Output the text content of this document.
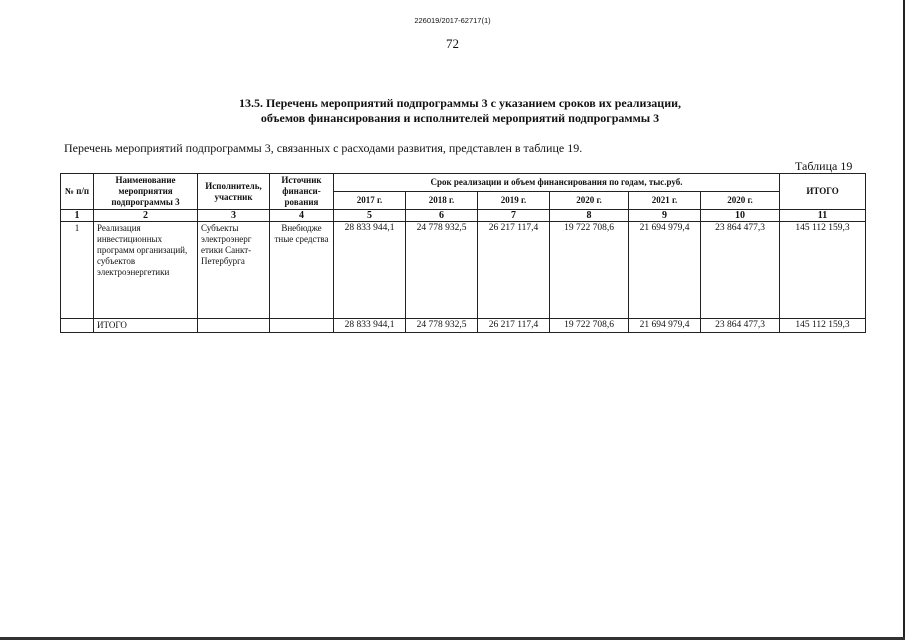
226019/2017-62717(1)
72
13.5. Перечень мероприятий подпрограммы 3 с указанием сроков их реализации,
объемов финансирования и исполнителей мероприятий подпрограммы 3
Перечень мероприятий подпрограммы 3, связанных с расходами развития, представлен в таблице 19.
Таблица 19
№ п/п	Наименование мероприятия подпрограммы 3	Исполнитель, участник	Источник финанси-рования	Срок реализации и объем финансирования по годам, тыс.руб.						ИТОГО
				2017 г.	2018 г.	2019 г.	2020 г.	2021 г.	2020 г.	
1	2	3	4	5	6	7	8	9	10	11
1	Реализация инвестиционных программ организаций, субъектов электроэнергетики	Субъекты электроэнерг етики Санкт-Петербурга	Внебюдже тные средства	28 833 944,1	24 778 932,5	26 217 117,4	19 722 708,6	21 694 979,4	23 864 477,3	145 112 159,3
	ИТОГО			28 833 944,1	24 778 932,5	26 217 117,4	19 722 708,6	21 694 979,4	23 864 477,3	145 112 159,3
